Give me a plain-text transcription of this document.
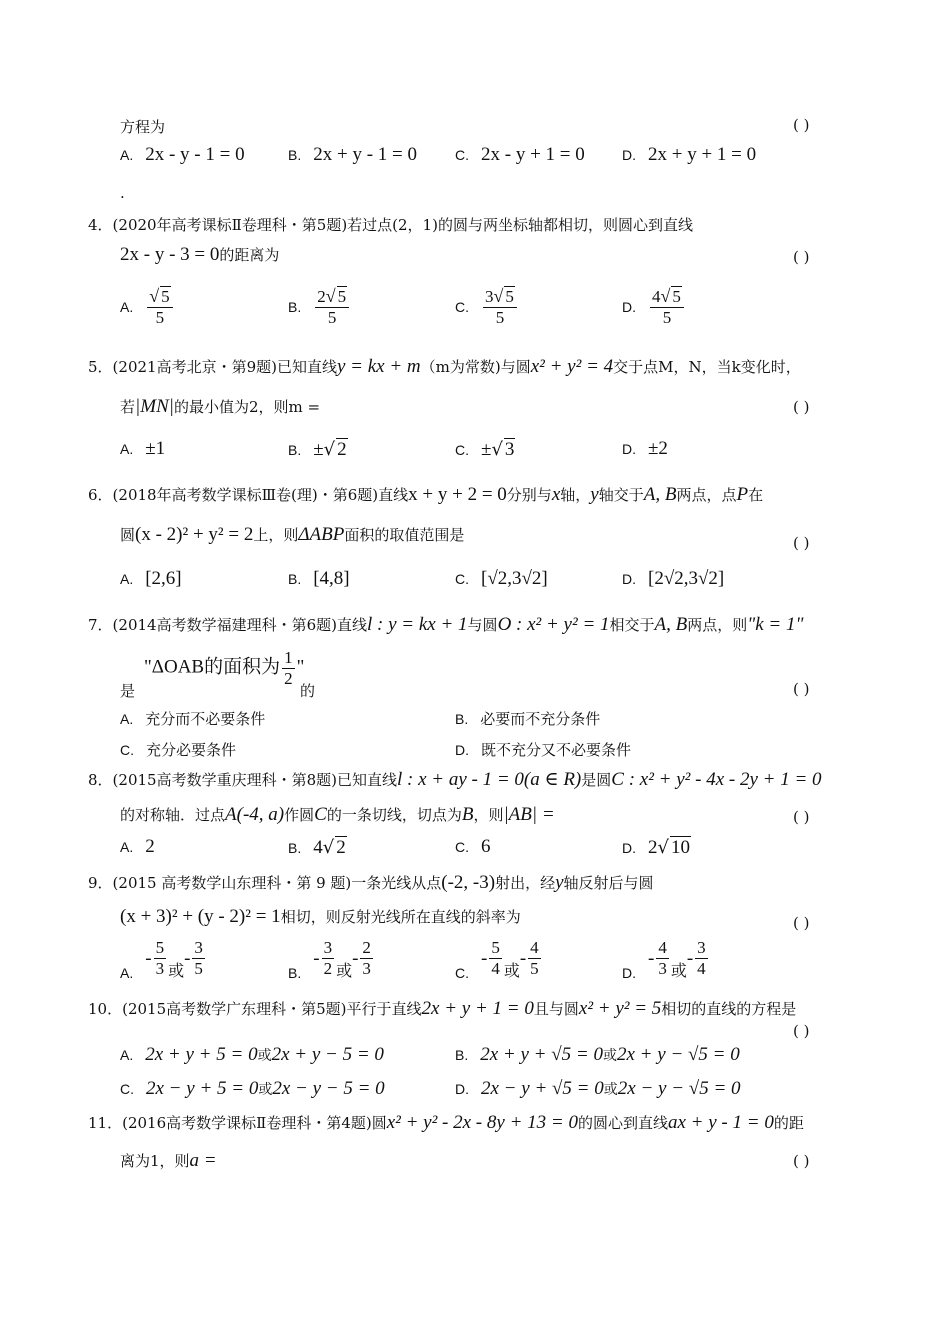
方程为	( )
A. 2x - y - 1 = 0	B. 2x + y - 1 = 0	C. 2x - y + 1 = 0	D. 2x + y + 1 = 0
.
4．(2020年高考课标Ⅱ卷理科・第5题)若过点(2，1)的圆与两坐标轴都相切，则圆心到直线
2x - y - 3 = 0的距离为	( )
A. $\frac{√ 5}{5}$	B. $\frac{2√ 5}{5}$	C. $\frac{3√ 5}{5}$	D. $\frac{4√ 5}{5}$
5．(2021高考北京・第9题)已知直线y = kx + m（m为常数)与圆x² + y² = 4交于点M，N，当k变化时，
若|MN|的最小值为2，则m =	( )
A. ±1	B. ± √ 2	C. ± √ 3	D. ±2
6．(2018年高考数学课标Ⅲ卷(理)・第6题)直线x + y + 2 = 0分别与x轴，y轴交于A, B两点，点P在
圆(x - 2)² + y² = 2上，则ΔABP面积的取值范围是	( )
A. [2,6]	B. [4,8]	C. [√2,3√2]	D. [2√2,3√2]
7．(2014高考数学福建理科・第6题)直线l : y = kx + 1与圆O : x² + y² = 1相交于A, B两点，则"k = 1"
"ΔOAB的面积为 $\frac{1}{2}$ "
是	的	( )
A. 充分而不必要条件	B. 必要而不充分条件
C. 充分必要条件	D. 既不充分又不必要条件
8．(2015高考数学重庆理科・第8题)已知直线l : x + ay - 1 = 0(a ∈ R)是圆C : x² + y² - 4x - 2y + 1 = 0
的对称轴．过点A(-4, a)作圆C的一条切线，切点为B，则|AB| =	( )
A. 2	B. 4 √ 2	C. 6	D. 2 √ 10
9．(2015 高考数学山东理科・第 9 题)一条光线从点(-2, -3)射出，经y轴反射后与圆
(x + 3)² + (y - 2)² = 1相切，则反射光线所在直线的斜率为	( )
A.
- $\frac{5}{3}$ 或
- $\frac{3}{5}$	B.
- $\frac{3}{2}$ 或
- $\frac{2}{3}$	C.
- $\frac{5}{4}$ 或
- $\frac{4}{5}$	D.
- $\frac{4}{3}$ 或
- $\frac{3}{4}$
10．(2015高考数学广东理科・第5题)平行于直线2x + y + 1 = 0且与圆x² + y² = 5相切的直线的方程是
( )
A. 2x + y + 5 = 0 或 2x + y − 5 = 0	B. 2x + y + √5 = 0 或 2x + y − √5 = 0
C. 2x − y + 5 = 0 或 2x − y − 5 = 0	D. 2x − y + √5 = 0 或 2x − y − √5 = 0
11．(2016高考数学课标Ⅱ卷理科・第4题)圆x² + y² - 2x - 8y + 13 = 0的圆心到直线ax + y - 1 = 0的距
离为1，则a =	( )
